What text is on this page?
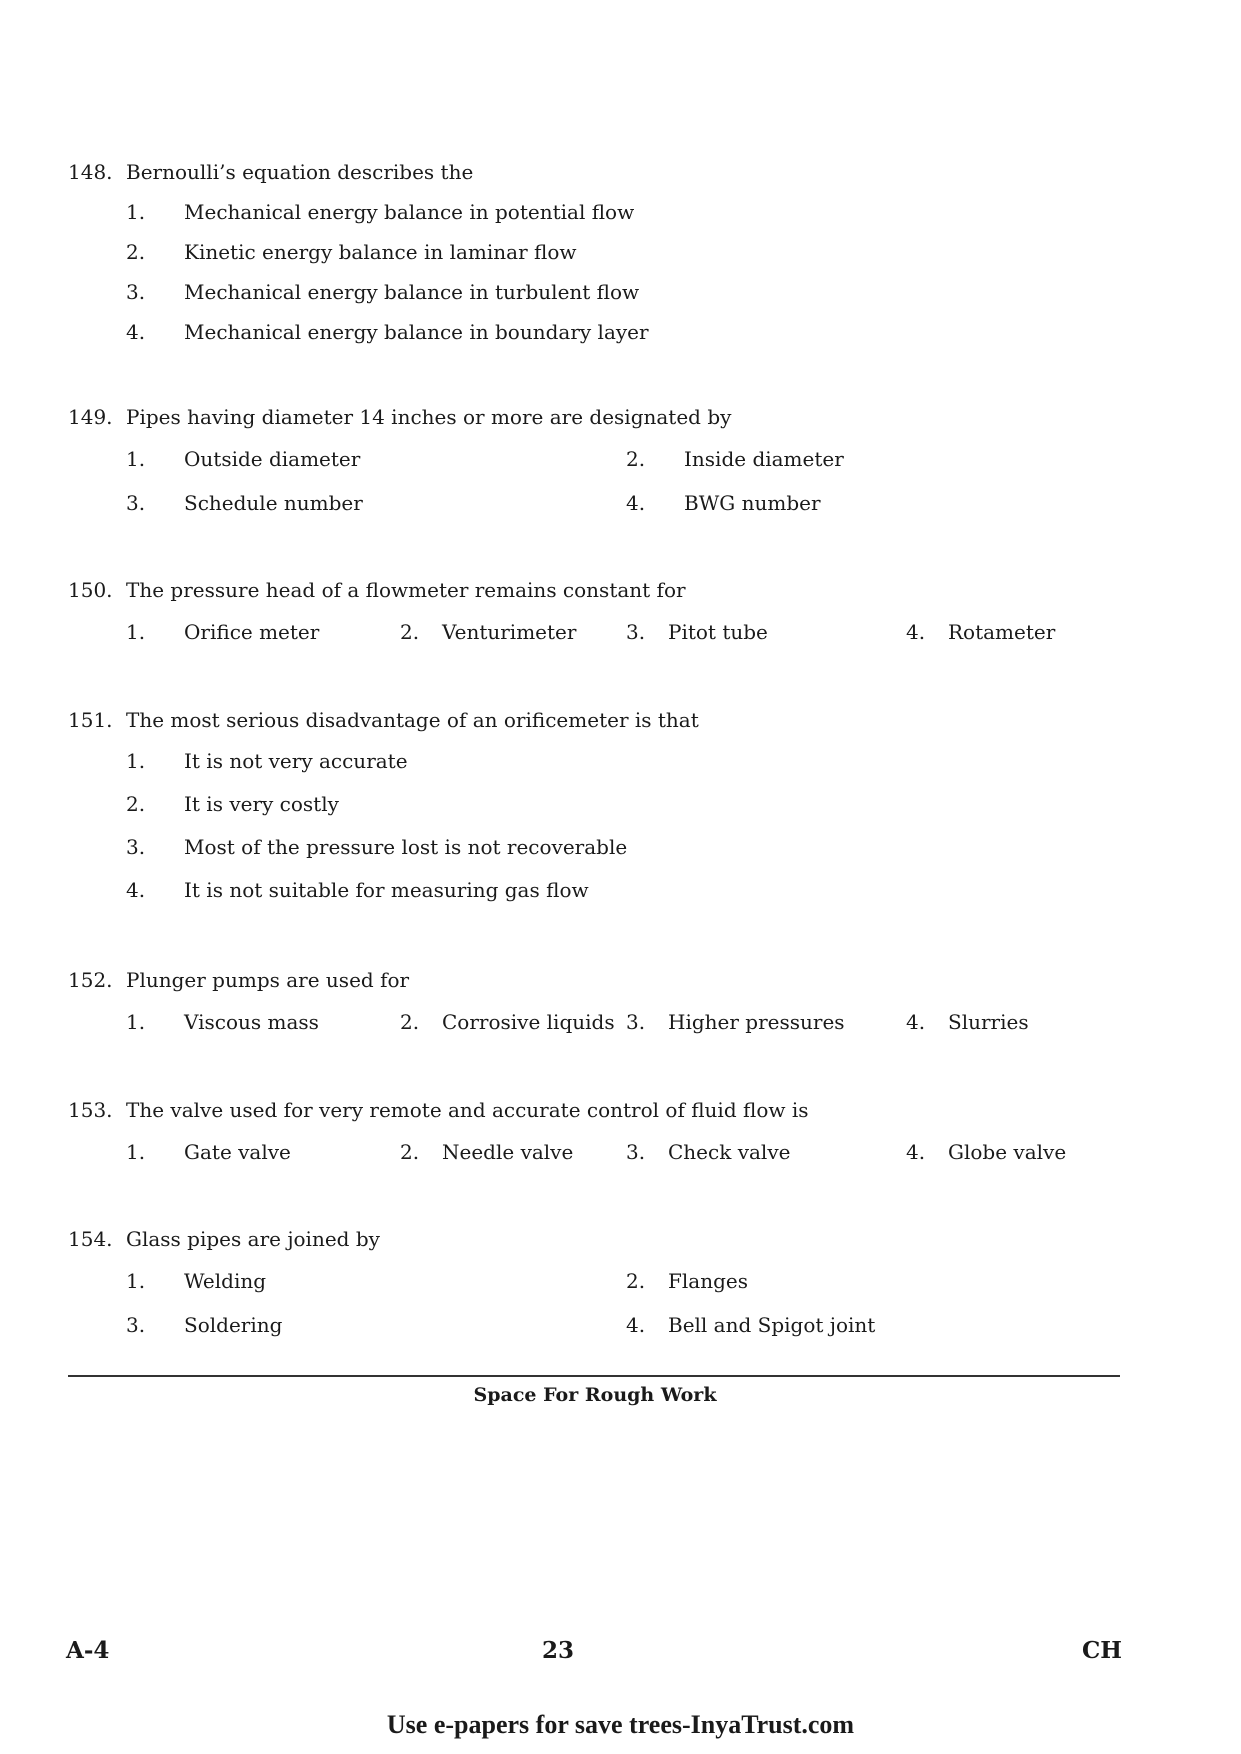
148. Bernoulli’s equation describes the
1. Mechanical energy balance in potential flow
2. Kinetic energy balance in laminar flow
3. Mechanical energy balance in turbulent flow
4. Mechanical energy balance in boundary layer
149. Pipes having diameter 14 inches or more are designated by
1. Outside diameter	2. Inside diameter
3. Schedule number	4. BWG number
150. The pressure head of a flowmeter remains constant for
1. Orifice meter	2. Venturimeter 3. Pitot tube	4. Rotameter
151. The most serious disadvantage of an orificemeter is that
1. It is not very accurate
2. It is very costly
3. Most of the pressure lost is not recoverable
4. It is not suitable for measuring gas flow
152. Plunger pumps are used for
1. Viscous mass	2. Corrosive liquids 3. Higher pressures	4. Slurries
153. The valve used for very remote and accurate control of fluid flow is
1. Gate valve	2. Needle valve	3. Check valve	4. Globe valve
154. Glass pipes are joined by
1. Welding	2. Flanges
3. Soldering	4. Bell and Spigot joint
Space For Rough Work
A-4	23	CH
Use e-papers for save trees-InyaTrust.com
